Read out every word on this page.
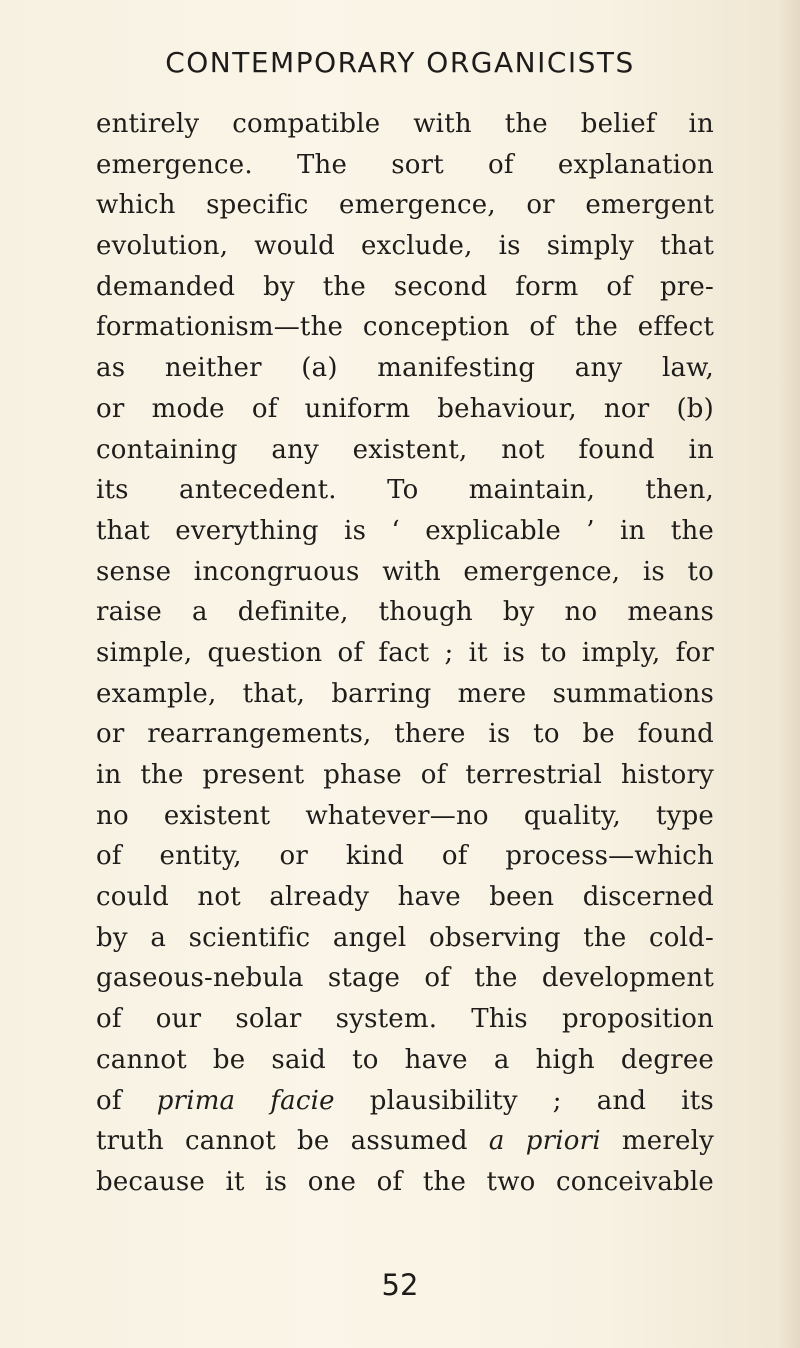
CONTEMPORARY ORGANICISTS
entirely compatible with the belief in
emergence. The sort of explanation
which specific emergence, or emergent
evolution, would exclude, is simply that
demanded by the second form of pre-
formationism—the conception of the effect
as neither (a) manifesting any law,
or mode of uniform behaviour, nor (b)
containing any existent, not found in
its antecedent. To maintain, then,
that everything is ‘ explicable ’ in the
sense incongruous with emergence, is to
raise a definite, though by no means
simple, question of fact ; it is to imply, for
example, that, barring mere summations
or rearrangements, there is to be found
in the present phase of terrestrial history
no existent whatever—no quality, type
of entity, or kind of process—which
could not already have been discerned
by a scientific angel observing the cold-
gaseous-nebula stage of the development
of our solar system. This proposition
cannot be said to have a high degree
of prima facie plausibility ; and its
truth cannot be assumed a priori merely
because it is one of the two conceivable
52
